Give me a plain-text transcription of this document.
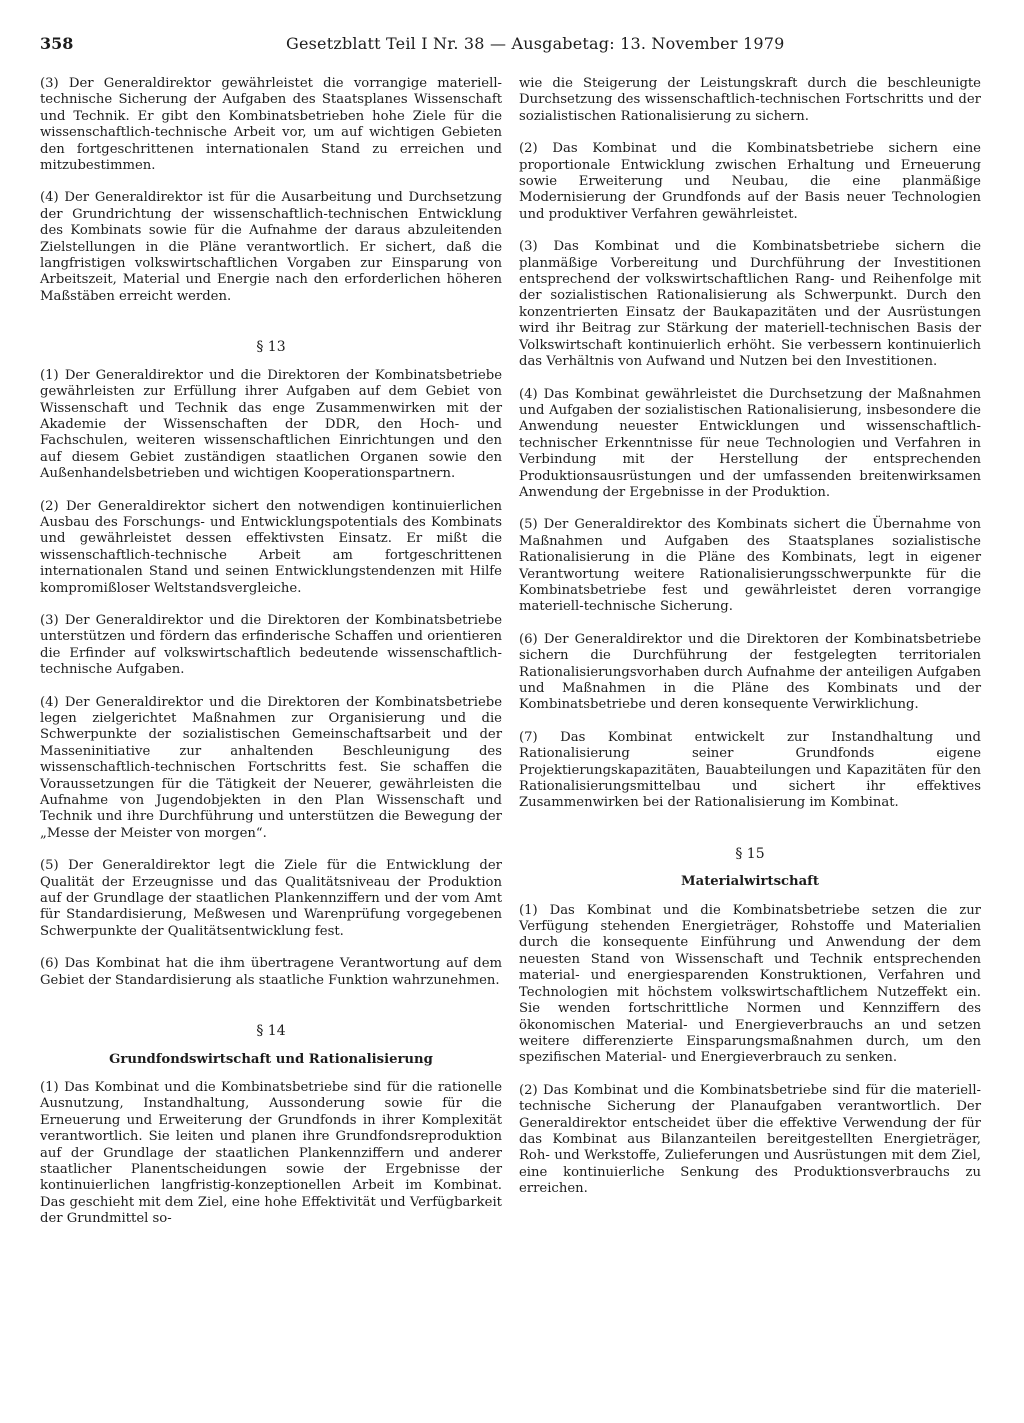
358	Gesetzblatt Teil I Nr. 38 — Ausgabetag: 13. November 1979

(3) Der Generaldirektor gewährleistet die vorrangige materiell-technische Sicherung der Aufgaben des Staatsplanes Wissenschaft und Technik. Er gibt den Kombinatsbetrieben hohe Ziele für die wissenschaftlich-technische Arbeit vor, um auf wichtigen Gebieten den fortgeschrittenen internationalen Stand zu erreichen und mitzubestimmen.

(4) Der Generaldirektor ist für die Ausarbeitung und Durchsetzung der Grundrichtung der wissenschaftlich-technischen Entwicklung des Kombinats sowie für die Aufnahme der daraus abzuleitenden Zielstellungen in die Pläne verantwortlich. Er sichert, daß die langfristigen volkswirtschaftlichen Vorgaben zur Einsparung von Arbeitszeit, Material und Energie nach den erforderlichen höheren Maßstäben erreicht werden.

§ 13

(1) Der Generaldirektor und die Direktoren der Kombinatsbetriebe gewährleisten zur Erfüllung ihrer Aufgaben auf dem Gebiet von Wissenschaft und Technik das enge Zusammenwirken mit der Akademie der Wissenschaften der DDR, den Hoch- und Fachschulen, weiteren wissenschaftlichen Einrichtungen und den auf diesem Gebiet zuständigen staatlichen Organen sowie den Außenhandelsbetrieben und wichtigen Kooperationspartnern.

(2) Der Generaldirektor sichert den notwendigen kontinuierlichen Ausbau des Forschungs- und Entwicklungspotentials des Kombinats und gewährleistet dessen effektivsten Einsatz. Er mißt die wissenschaftlich-technische Arbeit am fortgeschrittenen internationalen Stand und seinen Entwicklungstendenzen mit Hilfe kompromißloser Weltstandsvergleiche.

(3) Der Generaldirektor und die Direktoren der Kombinatsbetriebe unterstützen und fördern das erfinderische Schaffen und orientieren die Erfinder auf volkswirtschaftlich bedeutende wissenschaftlich-technische Aufgaben.

(4) Der Generaldirektor und die Direktoren der Kombinatsbetriebe legen zielgerichtet Maßnahmen zur Organisierung und die Schwerpunkte der sozialistischen Gemeinschaftsarbeit und der Masseninitiative zur anhaltenden Beschleunigung des wissenschaftlich-technischen Fortschritts fest. Sie schaffen die Voraussetzungen für die Tätigkeit der Neuerer, gewährleisten die Aufnahme von Jugendobjekten in den Plan Wissenschaft und Technik und ihre Durchführung und unterstützen die Bewegung der „Messe der Meister von morgen“.

(5) Der Generaldirektor legt die Ziele für die Entwicklung der Qualität der Erzeugnisse und das Qualitätsniveau der Produktion auf der Grundlage der staatlichen Plankennziffern und der vom Amt für Standardisierung, Meßwesen und Warenprüfung vorgegebenen Schwerpunkte der Qualitätsentwicklung fest.

(6) Das Kombinat hat die ihm übertragene Verantwortung auf dem Gebiet der Standardisierung als staatliche Funktion wahrzunehmen.

§ 14
Grundfondswirtschaft und Rationalisierung

(1) Das Kombinat und die Kombinatsbetriebe sind für die rationelle Ausnutzung, Instandhaltung, Aussonderung sowie für die Erneuerung und Erweiterung der Grundfonds in ihrer Komplexität verantwortlich. Sie leiten und planen ihre Grundfondsreproduktion auf der Grundlage der staatlichen Plankennziffern und anderer staatlicher Planentscheidungen sowie der Ergebnisse der kontinuierlichen langfristig-konzeptionellen Arbeit im Kombinat. Das geschieht mit dem Ziel, eine hohe Effektivität und Verfügbarkeit der Grundmittel so-

wie die Steigerung der Leistungskraft durch die beschleunigte Durchsetzung des wissenschaftlich-technischen Fortschritts und der sozialistischen Rationalisierung zu sichern.

(2) Das Kombinat und die Kombinatsbetriebe sichern eine proportionale Entwicklung zwischen Erhaltung und Erneuerung sowie Erweiterung und Neubau, die eine planmäßige Modernisierung der Grundfonds auf der Basis neuer Technologien und produktiver Verfahren gewährleistet.

(3) Das Kombinat und die Kombinatsbetriebe sichern die planmäßige Vorbereitung und Durchführung der Investitionen entsprechend der volkswirtschaftlichen Rang- und Reihenfolge mit der sozialistischen Rationalisierung als Schwerpunkt. Durch den konzentrierten Einsatz der Baukapazitäten und der Ausrüstungen wird ihr Beitrag zur Stärkung der materiell-technischen Basis der Volkswirtschaft kontinuierlich erhöht. Sie verbessern kontinuierlich das Verhältnis von Aufwand und Nutzen bei den Investitionen.

(4) Das Kombinat gewährleistet die Durchsetzung der Maßnahmen und Aufgaben der sozialistischen Rationalisierung, insbesondere die Anwendung neuester Entwicklungen und wissenschaftlich-technischer Erkenntnisse für neue Technologien und Verfahren in Verbindung mit der Herstellung der entsprechenden Produktionsausrüstungen und der umfassenden breitenwirksamen Anwendung der Ergebnisse in der Produktion.

(5) Der Generaldirektor des Kombinats sichert die Übernahme von Maßnahmen und Aufgaben des Staatsplanes sozialistische Rationalisierung in die Pläne des Kombinats, legt in eigener Verantwortung weitere Rationalisierungsschwerpunkte für die Kombinatsbetriebe fest und gewährleistet deren vorrangige materiell-technische Sicherung.

(6) Der Generaldirektor und die Direktoren der Kombinatsbetriebe sichern die Durchführung der festgelegten territorialen Rationalisierungsvorhaben durch Aufnahme der anteiligen Aufgaben und Maßnahmen in die Pläne des Kombinats und der Kombinatsbetriebe und deren konsequente Verwirklichung.

(7) Das Kombinat entwickelt zur Instandhaltung und Rationalisierung seiner Grundfonds eigene Projektierungskapazitäten, Bauabteilungen und Kapazitäten für den Rationalisierungsmittelbau und sichert ihr effektives Zusammenwirken bei der Rationalisierung im Kombinat.

§ 15
Materialwirtschaft

(1) Das Kombinat und die Kombinatsbetriebe setzen die zur Verfügung stehenden Energieträger, Rohstoffe und Materialien durch die konsequente Einführung und Anwendung der dem neuesten Stand von Wissenschaft und Technik entsprechenden material- und energiesparenden Konstruktionen, Verfahren und Technologien mit höchstem volkswirtschaftlichem Nutzeffekt ein. Sie wenden fortschrittliche Normen und Kennziffern des ökonomischen Material- und Energieverbrauchs an und setzen weitere differenzierte Einsparungsmaßnahmen durch, um den spezifischen Material- und Energieverbrauch zu senken.

(2) Das Kombinat und die Kombinatsbetriebe sind für die materiell-technische Sicherung der Planaufgaben verantwortlich. Der Generaldirektor entscheidet über die effektive Verwendung der für das Kombinat aus Bilanzanteilen bereitgestellten Energieträger, Roh- und Werkstoffe, Zulieferungen und Ausrüstungen mit dem Ziel, eine kontinuierliche Senkung des Produktionsverbrauchs zu erreichen.
